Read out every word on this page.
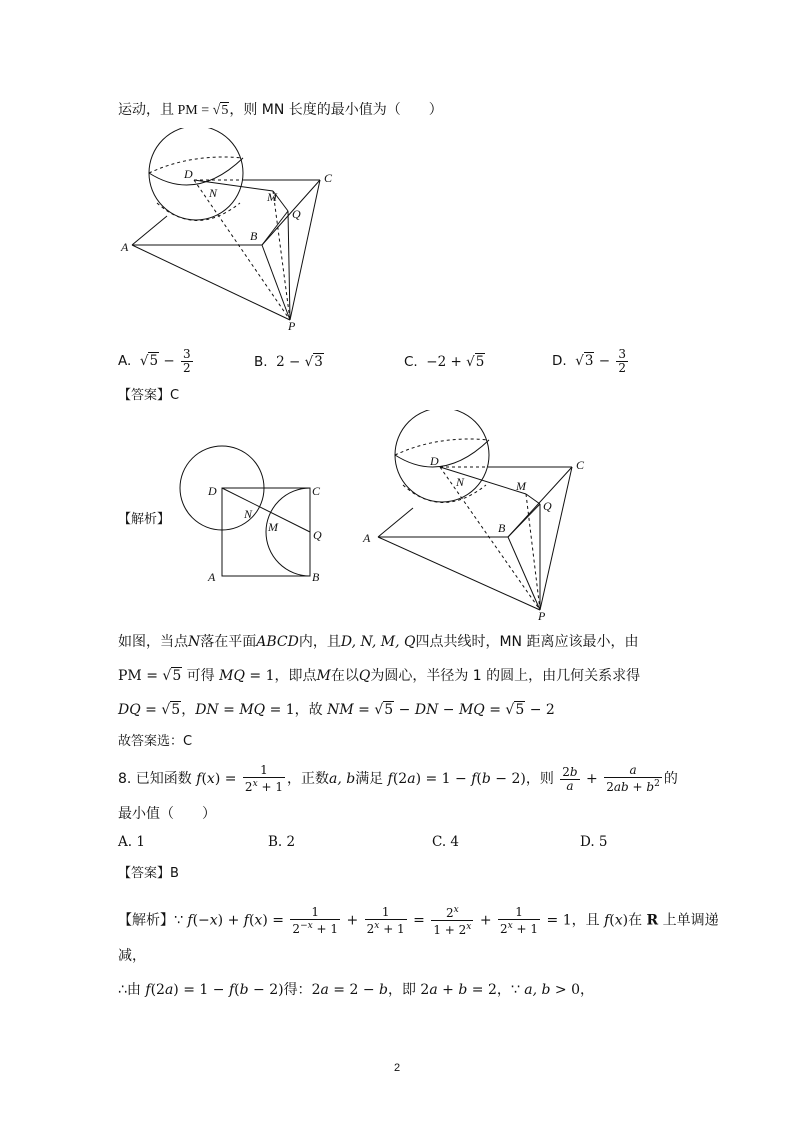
运动，且 PM = √5，则 MN 长度的最小值为（　　）
D
N	M
C
Q
B
A
P
A.  $√5 - \frac{3}{2}$	B.  2 − √3	C.  −2 + √5	D.  $√3 - \frac{3}{2}$
【答案】C
【解析】
D	C
N
M
Q
A	B
D
N	M
C
Q
B
A
P
如图，当点N落在平面ABCD内，且D, N, M, Q四点共线时，MN 距离应该最小，由
PM = √5 可得 MQ = 1，即点M在以Q为圆心，半径为 1 的圆上，由几何关系求得
DQ = √5，DN = MQ = 1，故 NM = √5 − DN − MQ = √5 − 2
故答案选：C
8. 已知函数 $f(x) = \frac{1}{2^x + 1}$ ，正数a, b满足 f(2a) = 1 − f(b − 2)，则 $\frac{2b}{a} + \frac{a}{2ab + b^2}$ 的
最小值（　　）
A. 1	B. 2	C. 4	D. 5
【答案】B
【解析】∵ $f(-x) + f(x) = \frac{1}{2^{-x} + 1} + \frac{1}{2^x + 1} = \frac{2^x}{1 + 2^x} + \frac{1}{2^x + 1} = 1$，且 f(x)在 R 上单调递
减，
∴由 f(2a) = 1 − f(b − 2)得：2a = 2 − b，即 2a + b = 2，∵ a, b > 0，
2
